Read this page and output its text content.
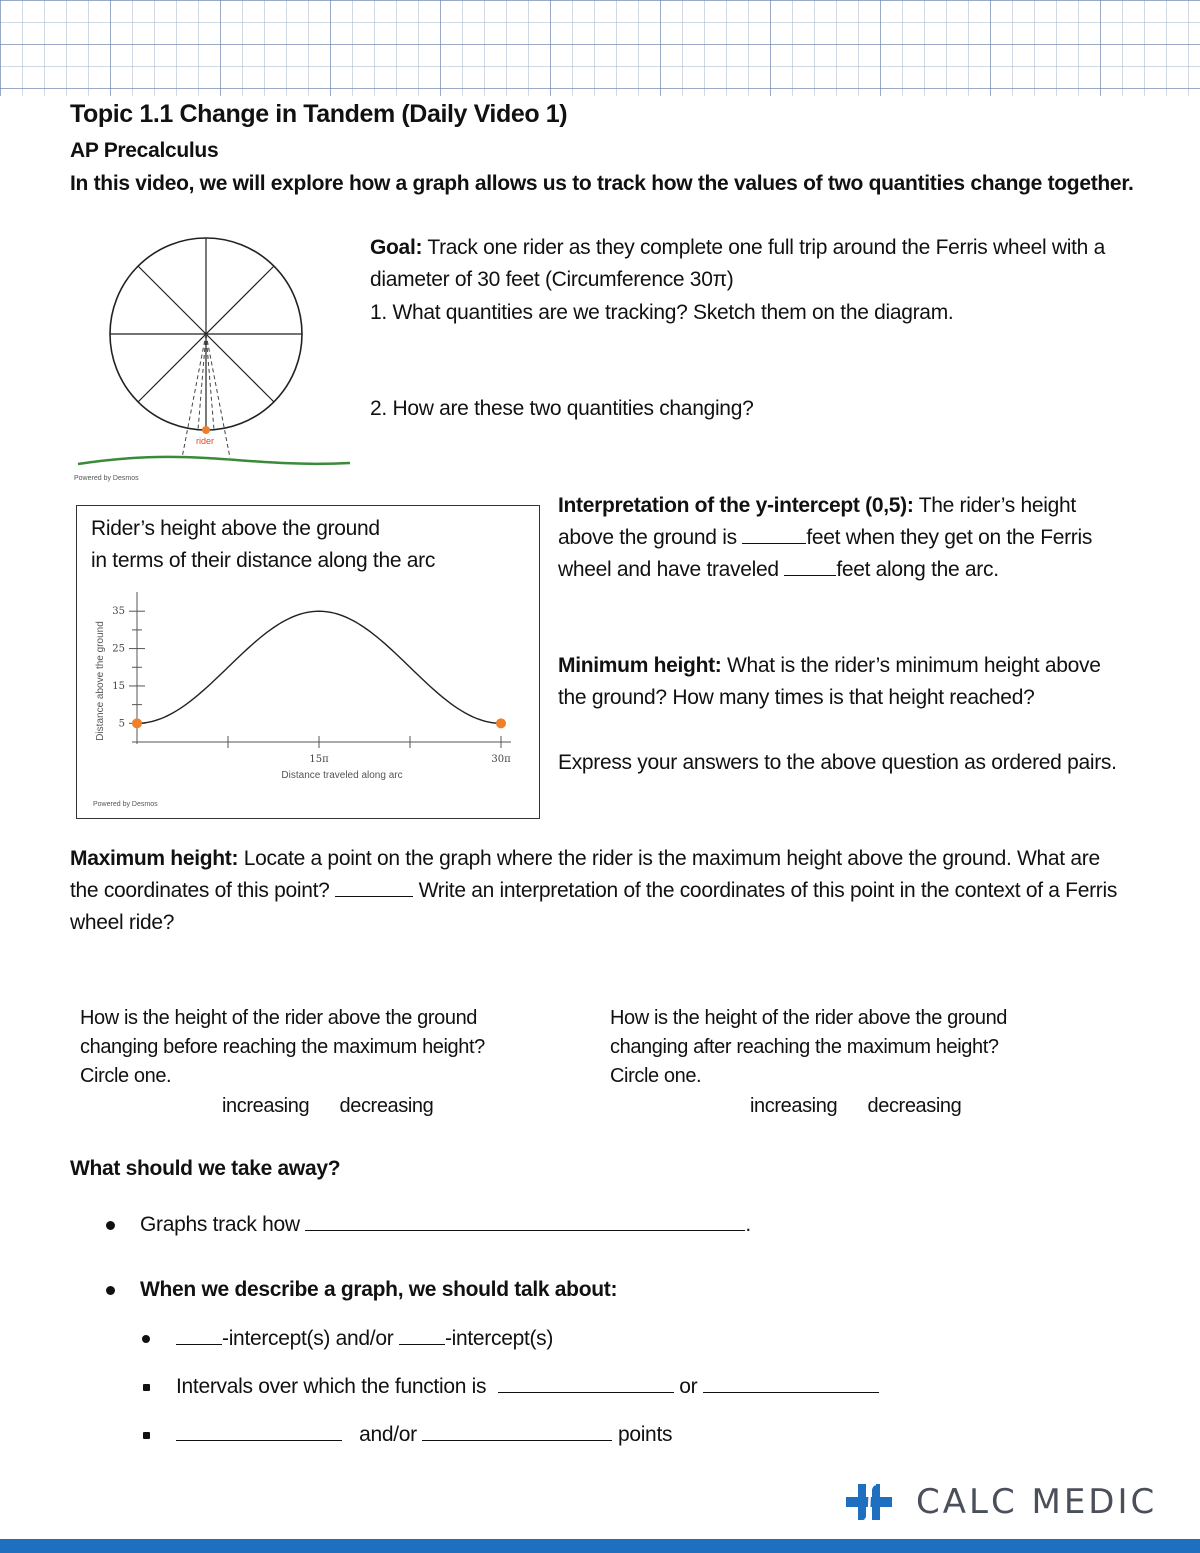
Topic 1.1 Change in Tandem (Daily Video 1)
AP Precalculus
In this video, we will explore how a graph allows us to track how the values of two quantities change together.
rider
Powered by Desmos
Goal: Track one rider as they complete one full trip around the Ferris wheel with a diameter of 30 feet (Circumference 30π)
1. What quantities are we tracking? Sketch them on the diagram.
2. How are these two quantities changing?
Rider’s height above the ground
in terms of their distance along the arc
5
15
25
35
15π	30π
Distance traveled along arc
Distance above the ground
Powered by Desmos
Interpretation of the y-intercept (0,5): The rider’s height above the ground is	feet when they get on the Ferris wheel and have traveled	feet along the arc.
Minimum height: What is the rider’s minimum height above the ground? How many times is that height reached?
Express your answers to the above question as ordered pairs.
Maximum height: Locate a point on the graph where the rider is the maximum height above the ground. What are the coordinates of this point?	Write an interpretation of the coordinates of this point in the context of a Ferris wheel ride?
How is the height of the rider above the ground
changing before reaching the maximum height?
Circle one.
increasing decreasing
How is the height of the rider above the ground
changing after reaching the maximum height?
Circle one.
increasing decreasing
What should we take away?
Graphs track how	.
When we describe a graph, we should talk about:
-intercept(s) and/or -intercept(s)
Intervals over which the function is	or
and/or	points
CALC MEDIC
